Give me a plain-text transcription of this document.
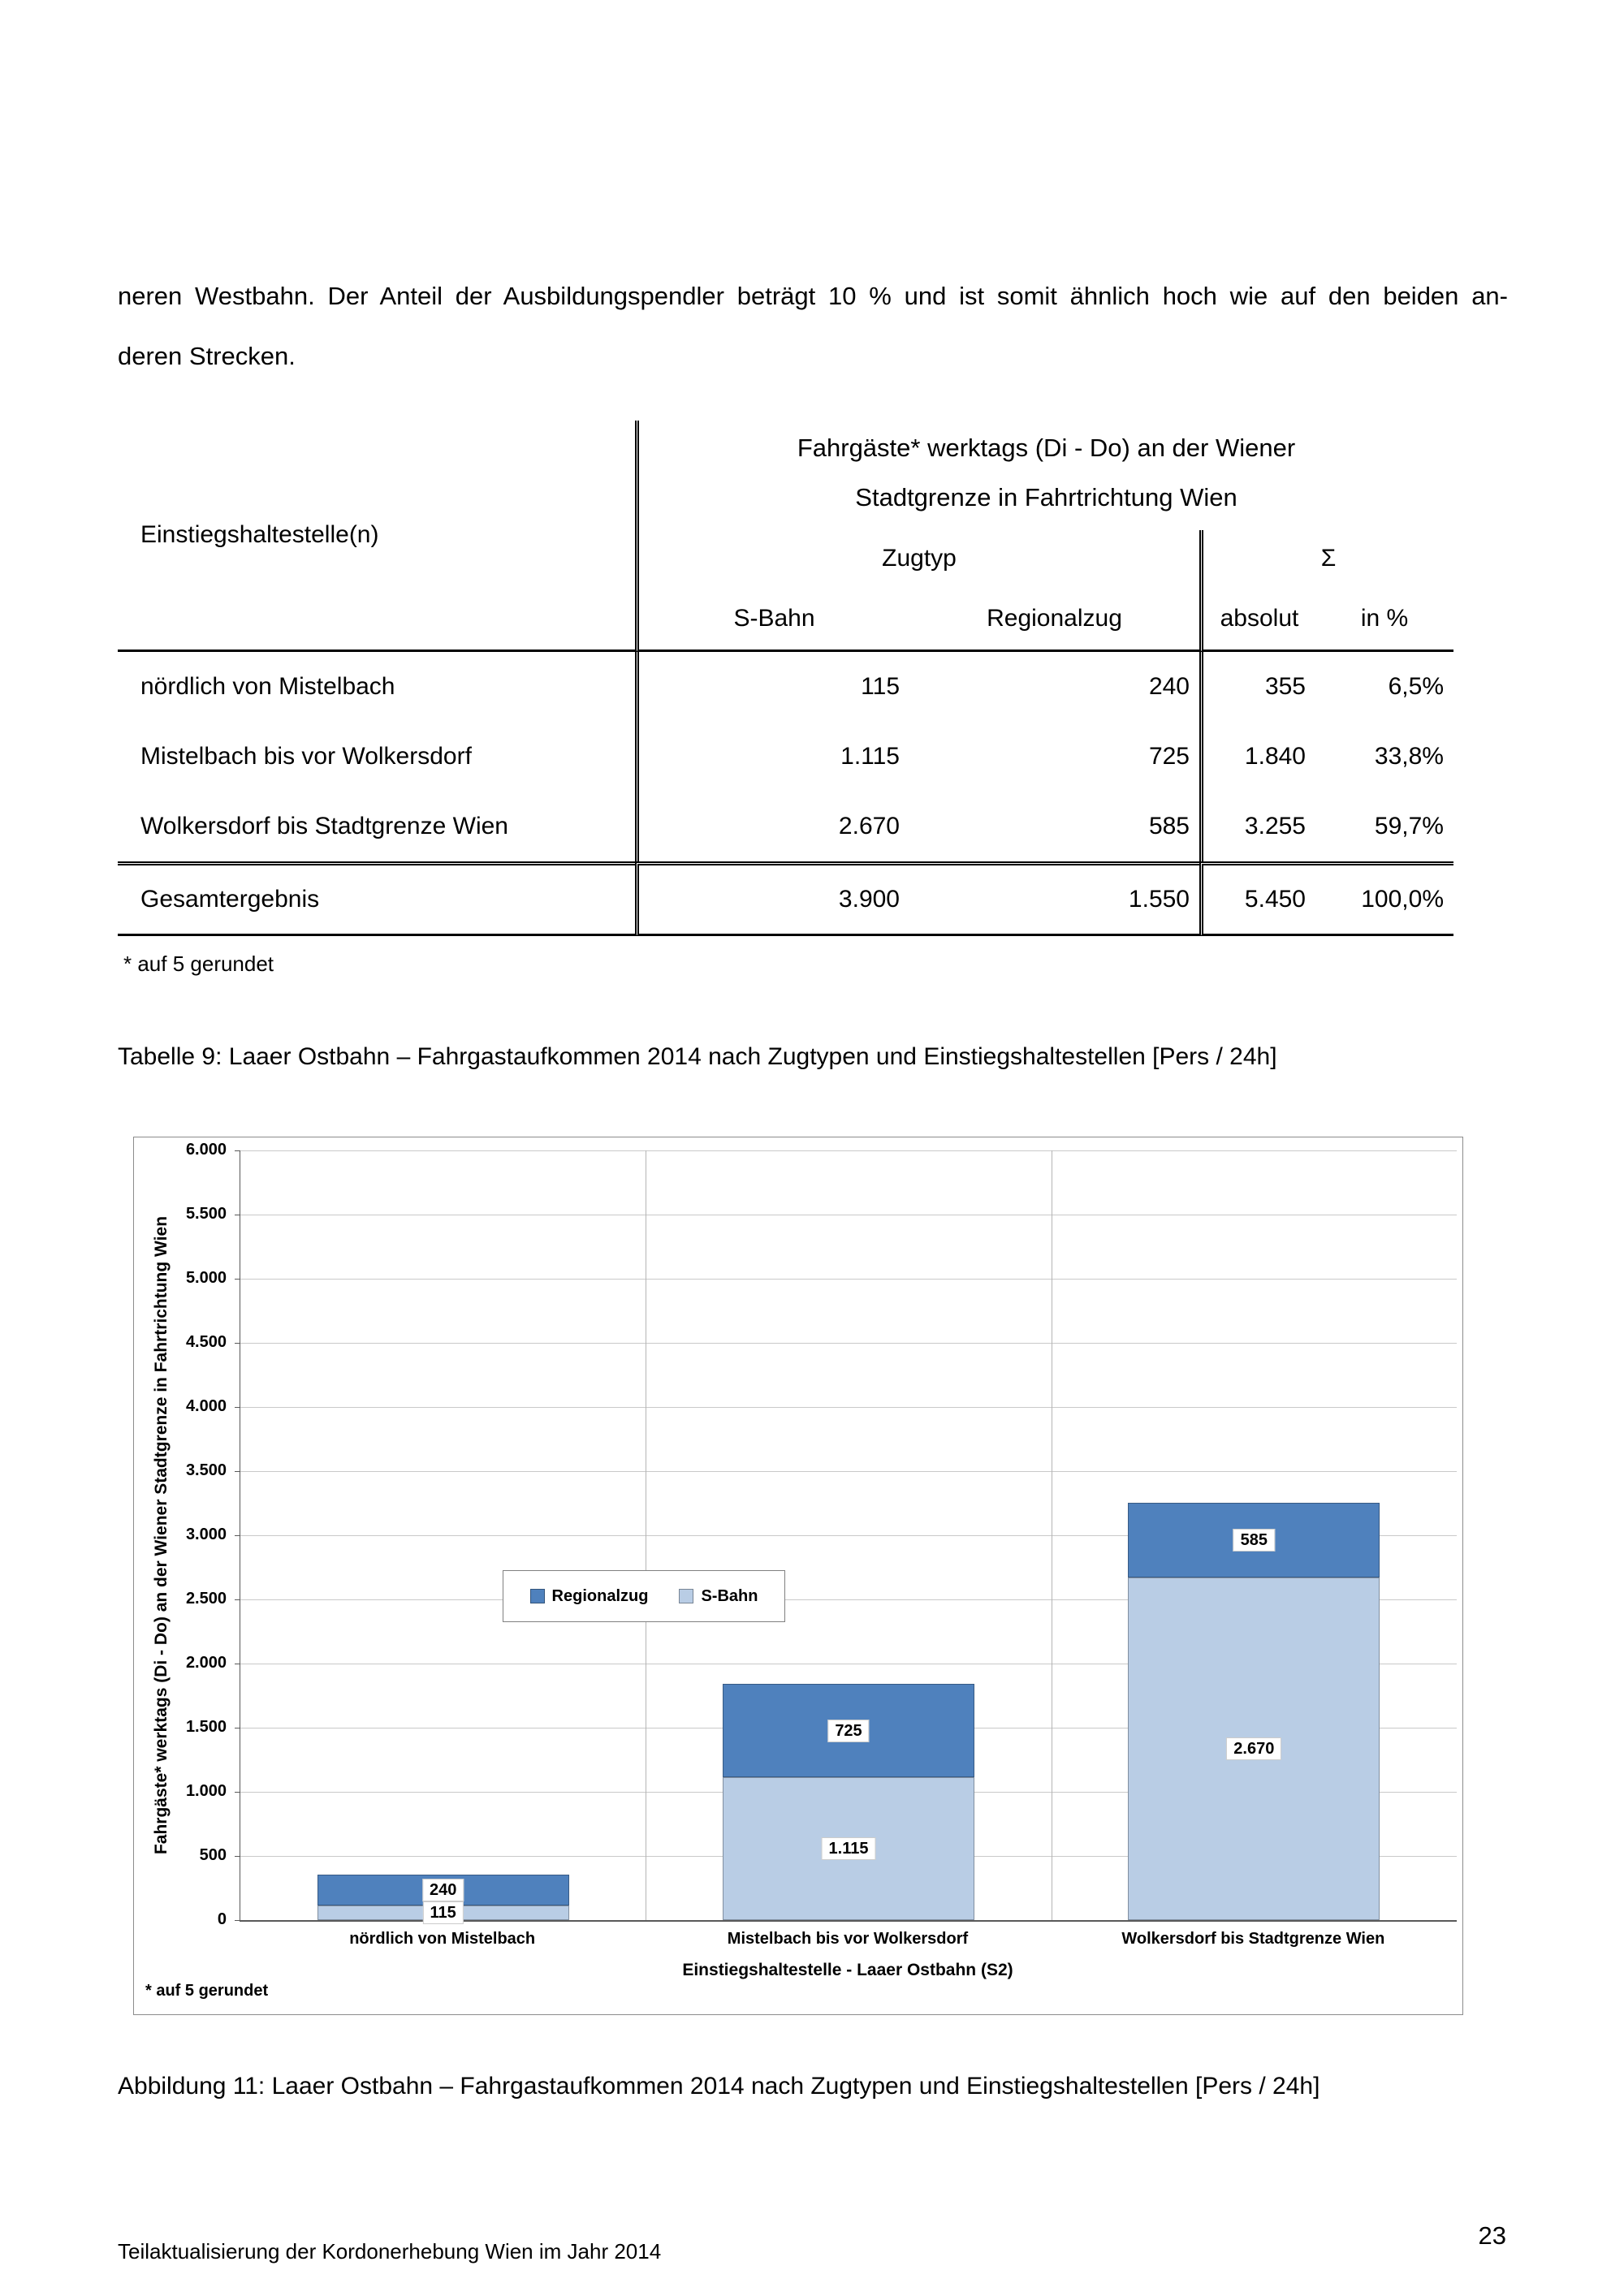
neren Westbahn. Der Anteil der Ausbildungspendler beträgt 10 % und ist somit ähnlich hoch wie auf den beiden an-
deren Strecken.
Einstiegshaltestelle(n)
Fahrgäste* werktags (Di - Do) an der Wiener
Stadtgrenze in Fahrtrichtung Wien
Zugtyp	Σ
S-Bahn	Regionalzug	absolut	in %
nördlich von Mistelbach	115	240	355	6,5%
Mistelbach bis vor Wolkersdorf	1.115	725	1.840	33,8%
Wolkersdorf bis Stadtgrenze Wien	2.670	585	3.255	59,7%
Gesamtergebnis	3.900	1.550	5.450	100,0%
* auf 5 gerundet
Tabelle 9: Laaer Ostbahn – Fahrgastaufkommen 2014 nach Zugtypen und Einstiegshaltestellen [Pers / 24h]
Fahrgäste* werktags (Di - Do) an der Wiener Stadtgrenze in Fahrtrichtung Wien
6.000
5.500
5.000
4.500
4.000
3.500
3.000
2.500
2.000
1.500
1.000
500
0	115
240
1.115
725
2.670
585
nördlich von Mistelbach	Mistelbach bis vor Wolkersdorf	Wolkersdorf bis Stadtgrenze Wien
Einstiegshaltestelle - Laaer Ostbahn (S2)
* auf 5 gerundet
Regionalzug	S-Bahn
Abbildung 11: Laaer Ostbahn – Fahrgastaufkommen 2014 nach Zugtypen und Einstiegshaltestellen [Pers / 24h]
Teilaktualisierung der Kordonerhebung Wien im Jahr 2014
23
